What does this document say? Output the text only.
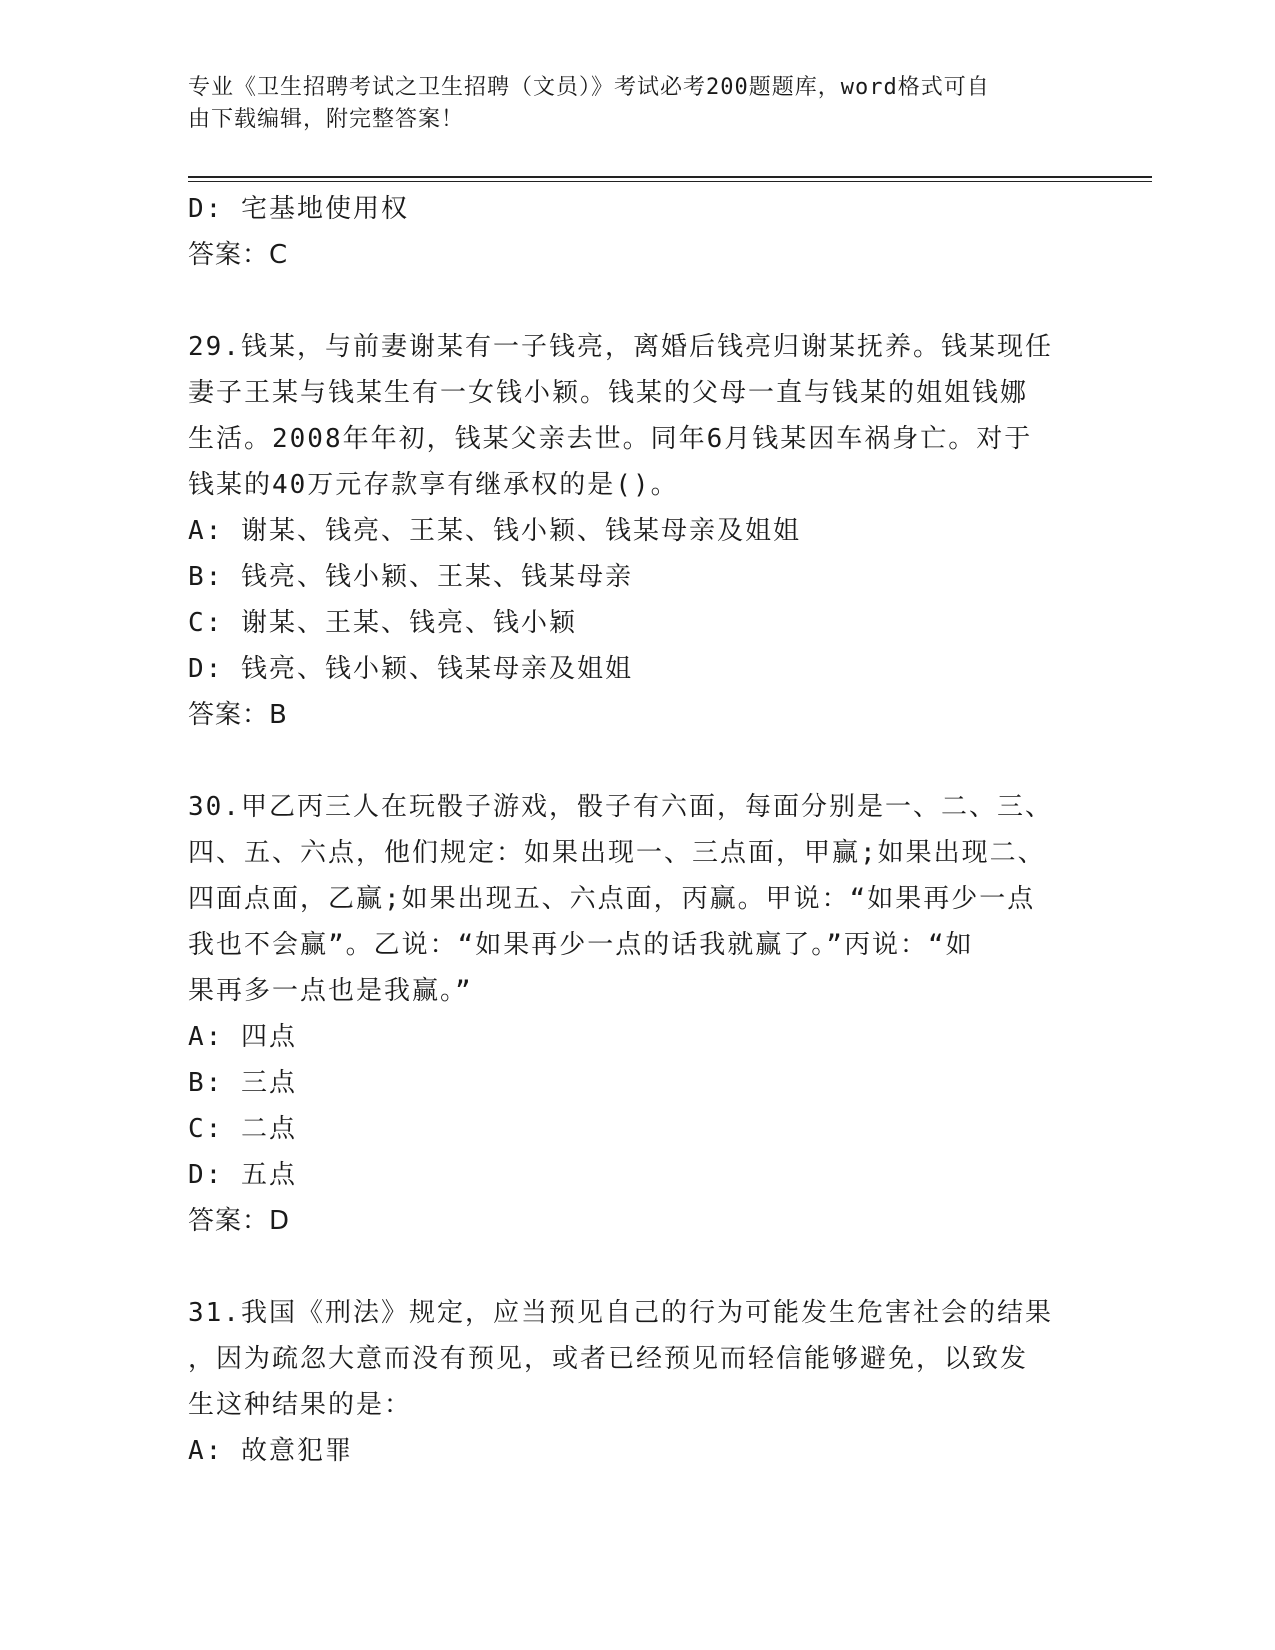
专业《卫生招聘考试之卫生招聘（文员）》考试必考200题题库，word格式可自
由下载编辑，附完整答案！
D: 宅基地使用权
答案：C
29.钱某，与前妻谢某有一子钱亮，离婚后钱亮归谢某抚养。钱某现任
妻子王某与钱某生有一女钱小颖。钱某的父母一直与钱某的姐姐钱娜
生活。2008年年初，钱某父亲去世。同年6月钱某因车祸身亡。对于
钱某的40万元存款享有继承权的是()。
A: 谢某、钱亮、王某、钱小颖、钱某母亲及姐姐
B: 钱亮、钱小颖、王某、钱某母亲
C: 谢某、王某、钱亮、钱小颖
D: 钱亮、钱小颖、钱某母亲及姐姐
答案：B
30.甲乙丙三人在玩骰子游戏，骰子有六面，每面分别是一、二、三、
四、五、六点，他们规定：如果出现一、三点面，甲赢;如果出现二、
四面点面，乙赢;如果出现五、六点面，丙赢。甲说：“如果再少一点
我也不会赢”。乙说：“如果再少一点的话我就赢了。”丙说：“如
果再多一点也是我赢。”
A: 四点
B: 三点
C: 二点
D: 五点
答案：D
31.我国《刑法》规定，应当预见自己的行为可能发生危害社会的结果
，因为疏忽大意而没有预见，或者已经预见而轻信能够避免，以致发
生这种结果的是：
A: 故意犯罪
